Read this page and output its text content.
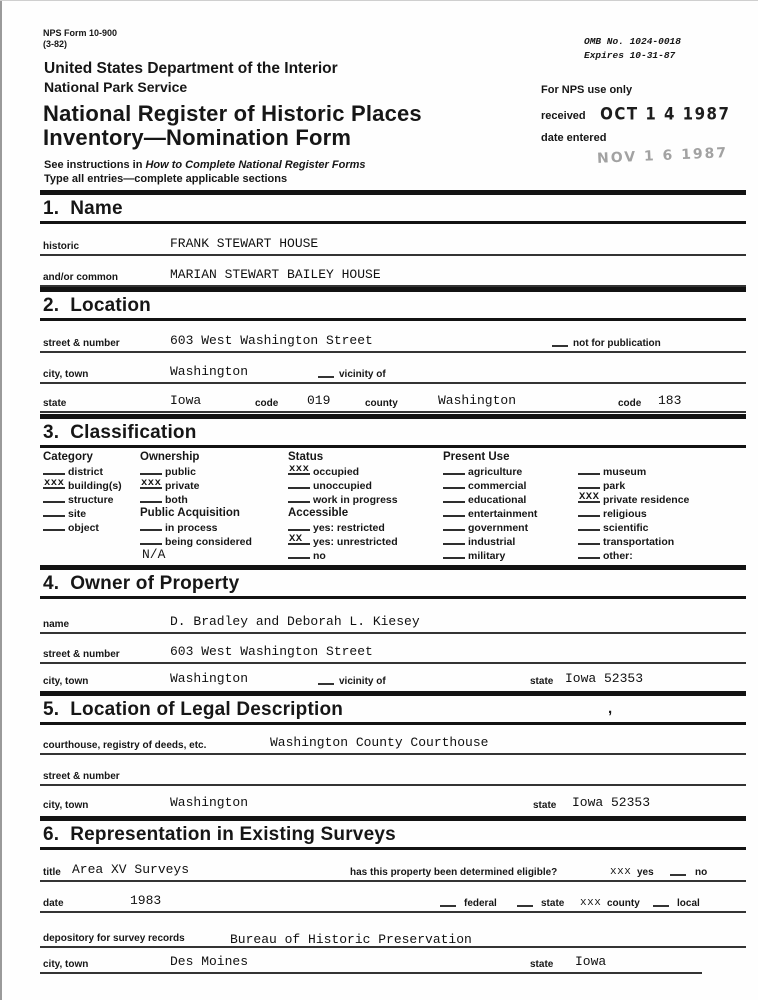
NPS Form 10-900
(3-82)	OMB No. 1024-0018
Expires 10-31-87
United States Department of the Interior
National Park Service	For NPS use only
received OCT 1 4 1987
date entered
NOV 1 6 1987
National Register of Historic Places
Inventory—Nomination Form
See instructions in How to Complete National Register Forms
Type all entries—complete applicable sections
1.  Name
historic	FRANK STEWART HOUSE
and/or common	MARIAN STEWART BAILEY HOUSE
2.  Location
street & number	603 West Washington Street	not for publication
city, town	Washington	vicinity of
state	Iowa	code 019	county	Washington	code 183
3.  Classification
Category
district
xxx building(s)
structure
site
object
Ownership
public
xxx private
both
Public Acquisition
in process
being considered
N/A
Status
xxx occupied
unoccupied
work in progress
Accessible
yes: restricted
XX yes: unrestricted
no
Present Use
agriculture
commercial
educational
entertainment
government
industrial
military
museum
park
XXX private residence
religious
scientific
transportation
other:
4.  Owner of Property
name	D. Bradley and Deborah L. Kiesey
street & number	603 West Washington Street
city, town	Washington	vicinity of	state Iowa 52353
5.  Location of Legal Description	,
courthouse, registry of deeds, etc.	Washington County Courthouse
street & number
city, town	Washington	state Iowa 52353
6.  Representation in Existing Surveys
title Area XV Surveys	has this property been determined eligible?	xxx yes	no
date	1983	federal	state xxx county	local
depository for survey records	Bureau of Historic Preservation
city, town	Des Moines	state Iowa
